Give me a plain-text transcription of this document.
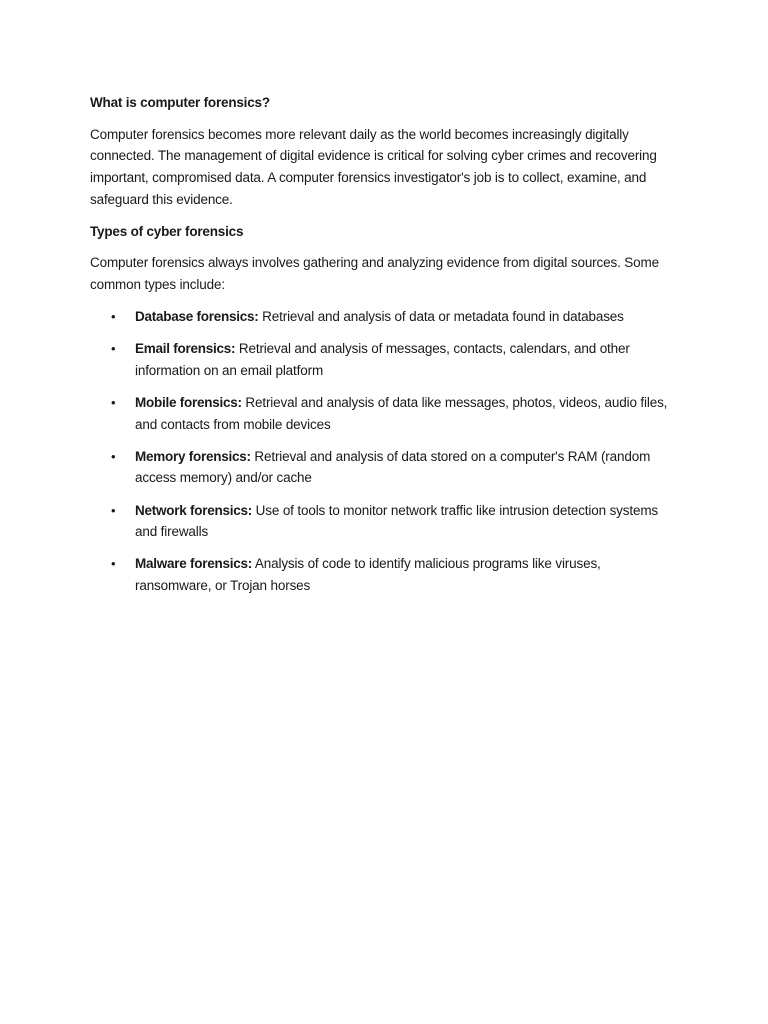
What is computer forensics?

Computer forensics becomes more relevant daily as the world becomes increasingly digitally connected. The management of digital evidence is critical for solving cyber crimes and recovering important, compromised data. A computer forensics investigator's job is to collect, examine, and safeguard this evidence.

Types of cyber forensics

Computer forensics always involves gathering and analyzing evidence from digital sources. Some common types include:

• Database forensics: Retrieval and analysis of data or metadata found in databases
• Email forensics: Retrieval and analysis of messages, contacts, calendars, and other information on an email platform
• Mobile forensics: Retrieval and analysis of data like messages, photos, videos, audio files, and contacts from mobile devices
• Memory forensics: Retrieval and analysis of data stored on a computer's RAM (random access memory) and/or cache
• Network forensics: Use of tools to monitor network traffic like intrusion detection systems and firewalls
• Malware forensics: Analysis of code to identify malicious programs like viruses, ransomware, or Trojan horses
